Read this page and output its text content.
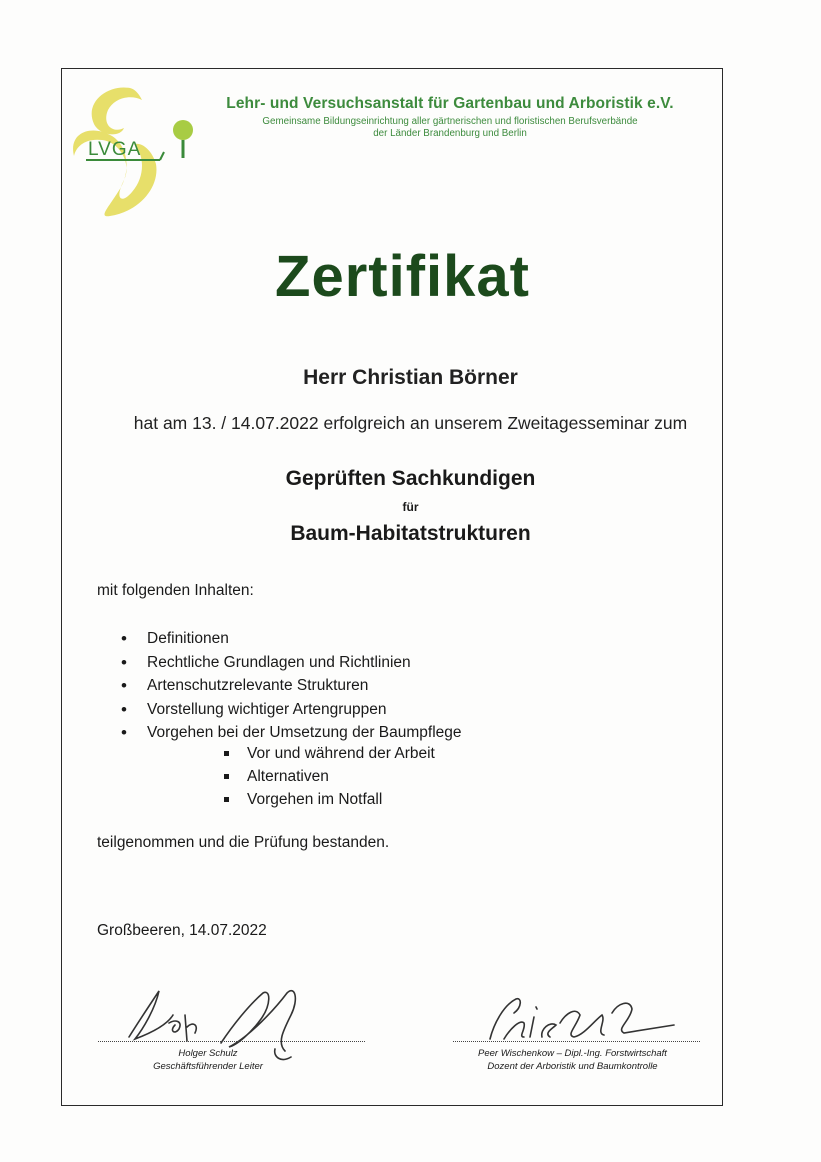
LVGA
Lehr- und Versuchsanstalt für Gartenbau und Arboristik e.V.
Gemeinsame Bildungseinrichtung aller gärtnerischen und floristischen Berufsverbände
der Länder Brandenburg und Berlin
Zertifikat
Herr Christian Börner
hat am 13. / 14.07.2022 erfolgreich an unserem Zweitagesseminar zum
Geprüften Sachkundigen
für
Baum-Habitatstrukturen
mit folgenden Inhalten:
• Definitionen
• Rechtliche Grundlagen und Richtlinien
• Artenschutzrelevante Strukturen
• Vorstellung wichtiger Artengruppen
• Vorgehen bei der Umsetzung der Baumpflege
Vor und während der Arbeit
Alternativen
Vorgehen im Notfall
teilgenommen und die Prüfung bestanden.
Großbeeren, 14.07.2022
Holger Schulz
Geschäftsführender Leiter
Peer Wischenkow – Dipl.-Ing. Forstwirtschaft
Dozent der Arboristik und Baumkontrolle
